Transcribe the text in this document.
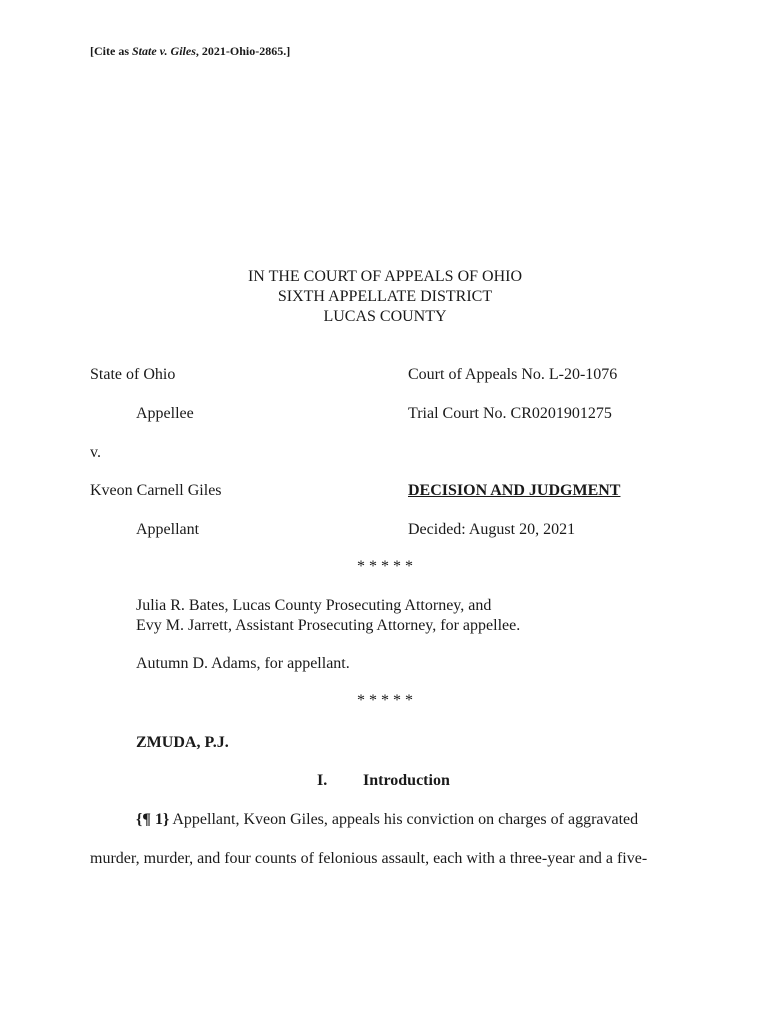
[Cite as State v. Giles, 2021-Ohio-2865.]
IN THE COURT OF APPEALS OF OHIO
SIXTH APPELLATE DISTRICT
LUCAS COUNTY
State of Ohio	Court of Appeals No. L-20-1076
Appellee	Trial Court No. CR0201901275
v.
Kveon Carnell Giles	DECISION AND JUDGMENT
Appellant	Decided: August 20, 2021
* * * * *
Julia R. Bates, Lucas County Prosecuting Attorney, and
Evy M. Jarrett, Assistant Prosecuting Attorney, for appellee.
Autumn D. Adams, for appellant.
* * * * *
ZMUDA, P.J.
I. Introduction
{¶ 1} Appellant, Kveon Giles, appeals his conviction on charges of aggravated
murder, murder, and four counts of felonious assault, each with a three-year and a five-
